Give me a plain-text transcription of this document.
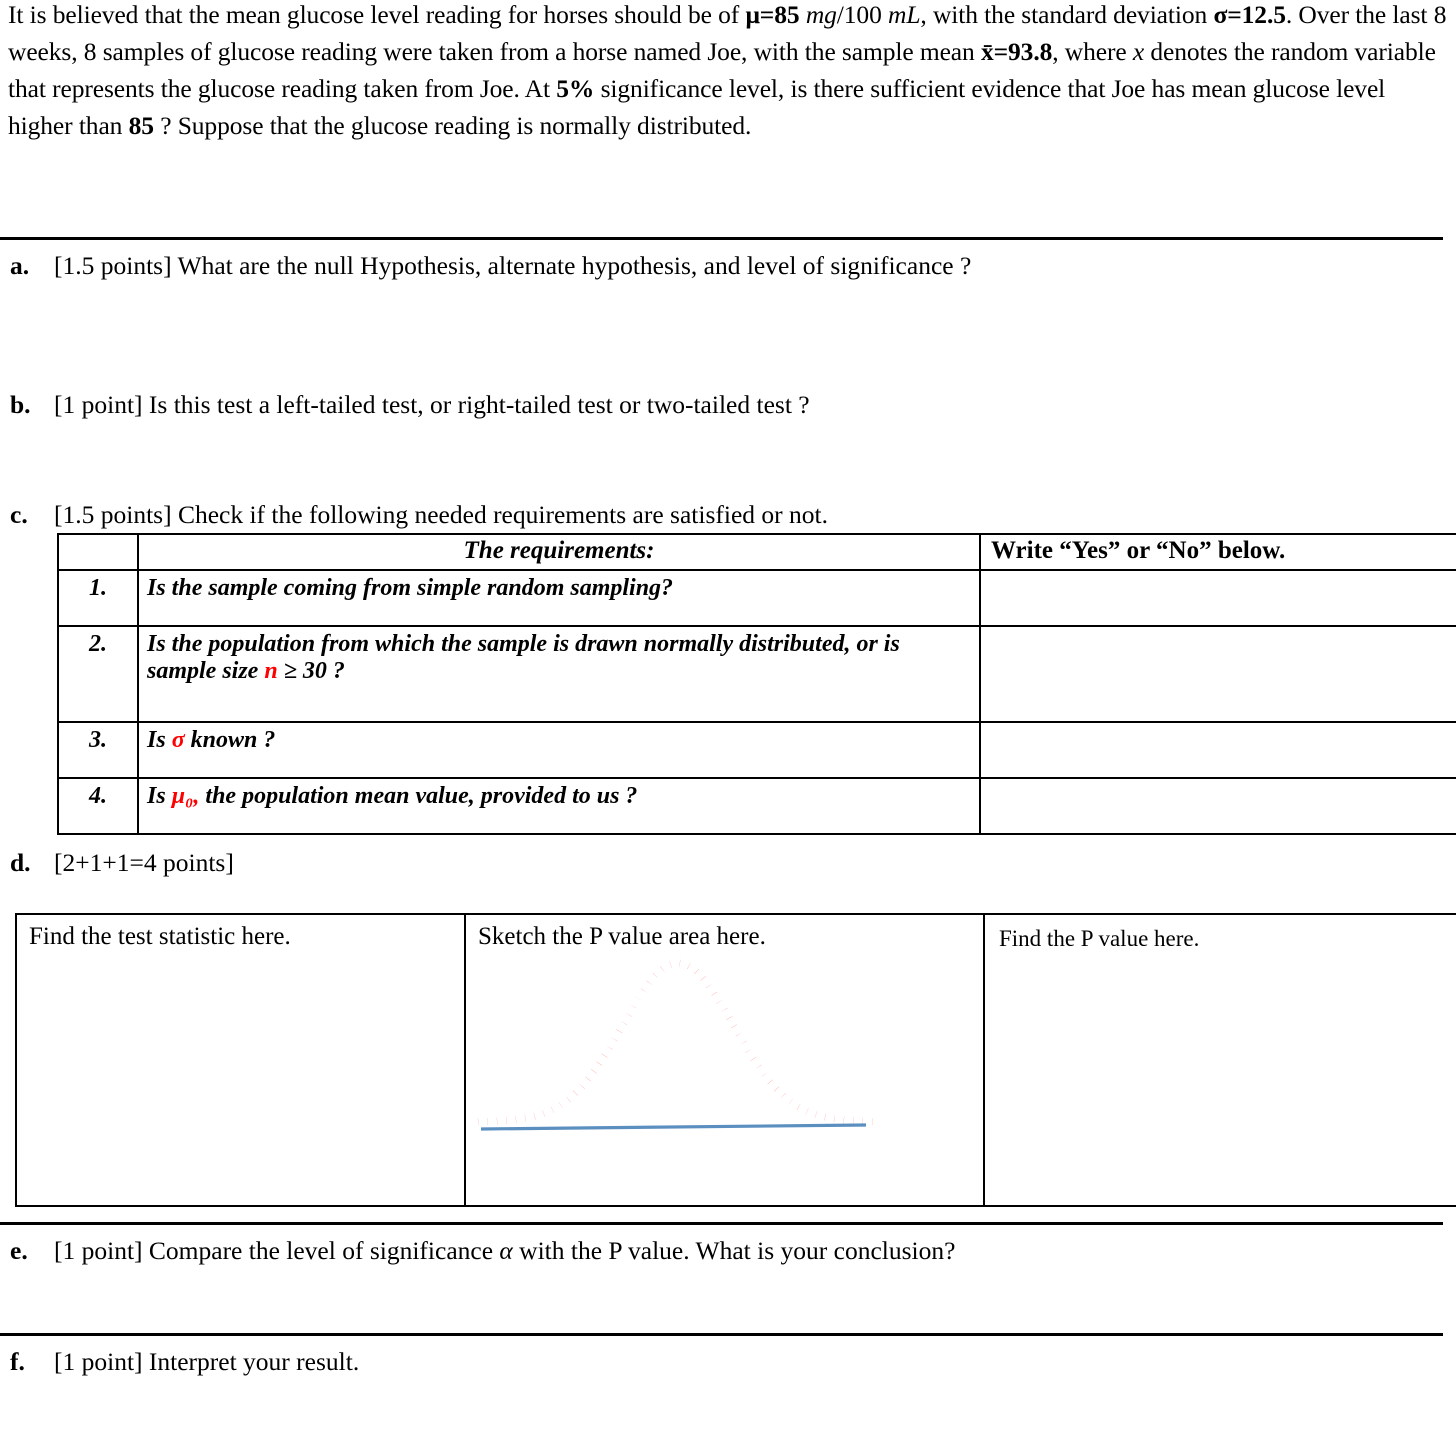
It is believed that the mean glucose level reading for horses should be of μ=85 mg/100 mL, with the standard deviation σ=12.5. Over the last 8 weeks, 8 samples of glucose reading were taken from a horse named Joe, with the sample mean x̄=93.8, where x denotes the random variable that represents the glucose reading taken from Joe. At 5% significance level, is there sufficient evidence that Joe has mean glucose level higher than 85 ? Suppose that the glucose reading is normally distributed.
a. [1.5 points] What are the null Hypothesis, alternate hypothesis, and level of significance ?
b. [1 point] Is this test a left-tailed test, or right-tailed test or two-tailed test ?
c. [1.5 points] Check if the following needed requirements are satisfied or not.
	The requirements:	Write “Yes” or “No” below.
1.	Is the sample coming from simple random sampling?	
2.	Is the population from which the sample is drawn normally distributed, or is sample size n ≥ 30 ?	
3.	Is σ known ?	
4.	Is μ₀, the population mean value, provided to us ?	
d. [2+1+1=4 points]
Find the test statistic here.	Sketch the P value area here.	Find the P value here.
e. [1 point] Compare the level of significance α with the P value. What is your conclusion?
f. [1 point] Interpret your result.
